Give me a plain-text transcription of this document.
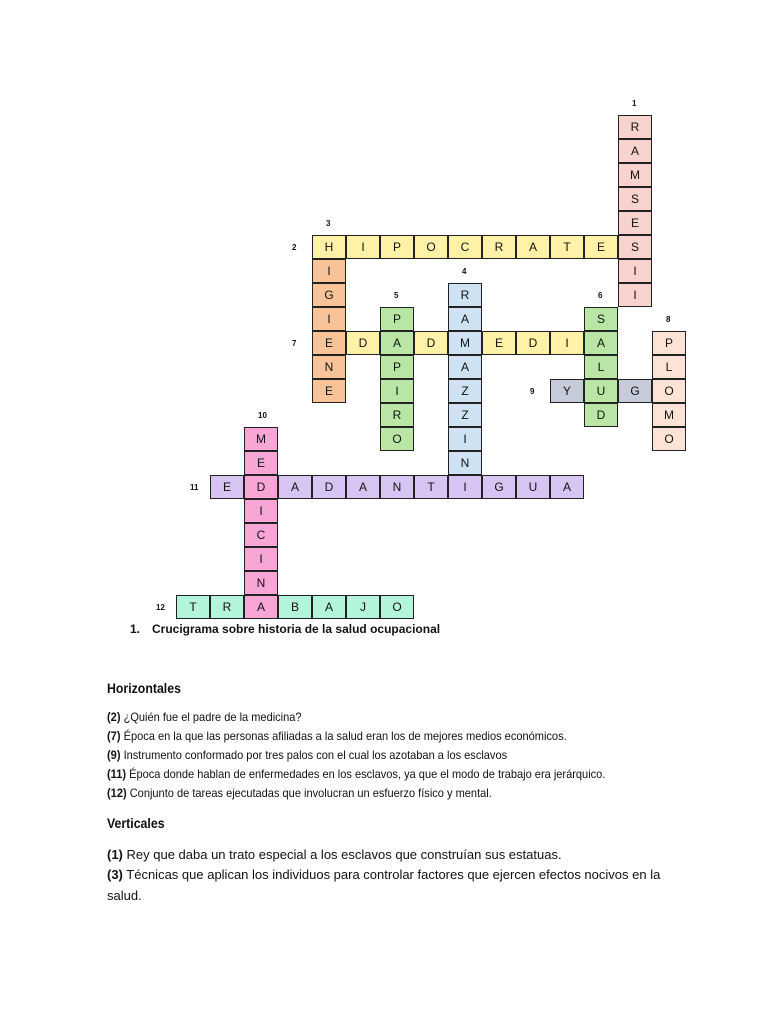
R
A
M
S
E
S
I
I
H	I	P	O	C	R	A	T	E
I
G
I
E
N
E
R
A
M
A
Z
Z
I
N
P
A
P
I
R
O
S
A
L
U
D
D	D	E	D	I	P
L
O
M
O
Y	G
M
E
D
I
C
I
N
A
E	A	D	A	N	T	I	G	U	A
T	R	B	A	J	O
1
2
3
4
5	6
7
8
9
10
11
12
1. Crucigrama sobre historia de la salud ocupacional
Horizontales
(2) ¿Quién fue el padre de la medicina?
(7) Época en la que las personas afiliadas a la salud eran los de mejores medios económicos.
(9) Instrumento conformado por tres palos con el cual los azotaban a los esclavos
(11) Época donde hablan de enfermedades en los esclavos, ya que el modo de trabajo era jerárquico.
(12) Conjunto de tareas ejecutadas que involucran un esfuerzo físico y mental.
Verticales
(1) Rey que daba un trato especial a los esclavos que construían sus estatuas.
(3) Técnicas que aplican los individuos para controlar factores que ejercen efectos nocivos en la salud.
